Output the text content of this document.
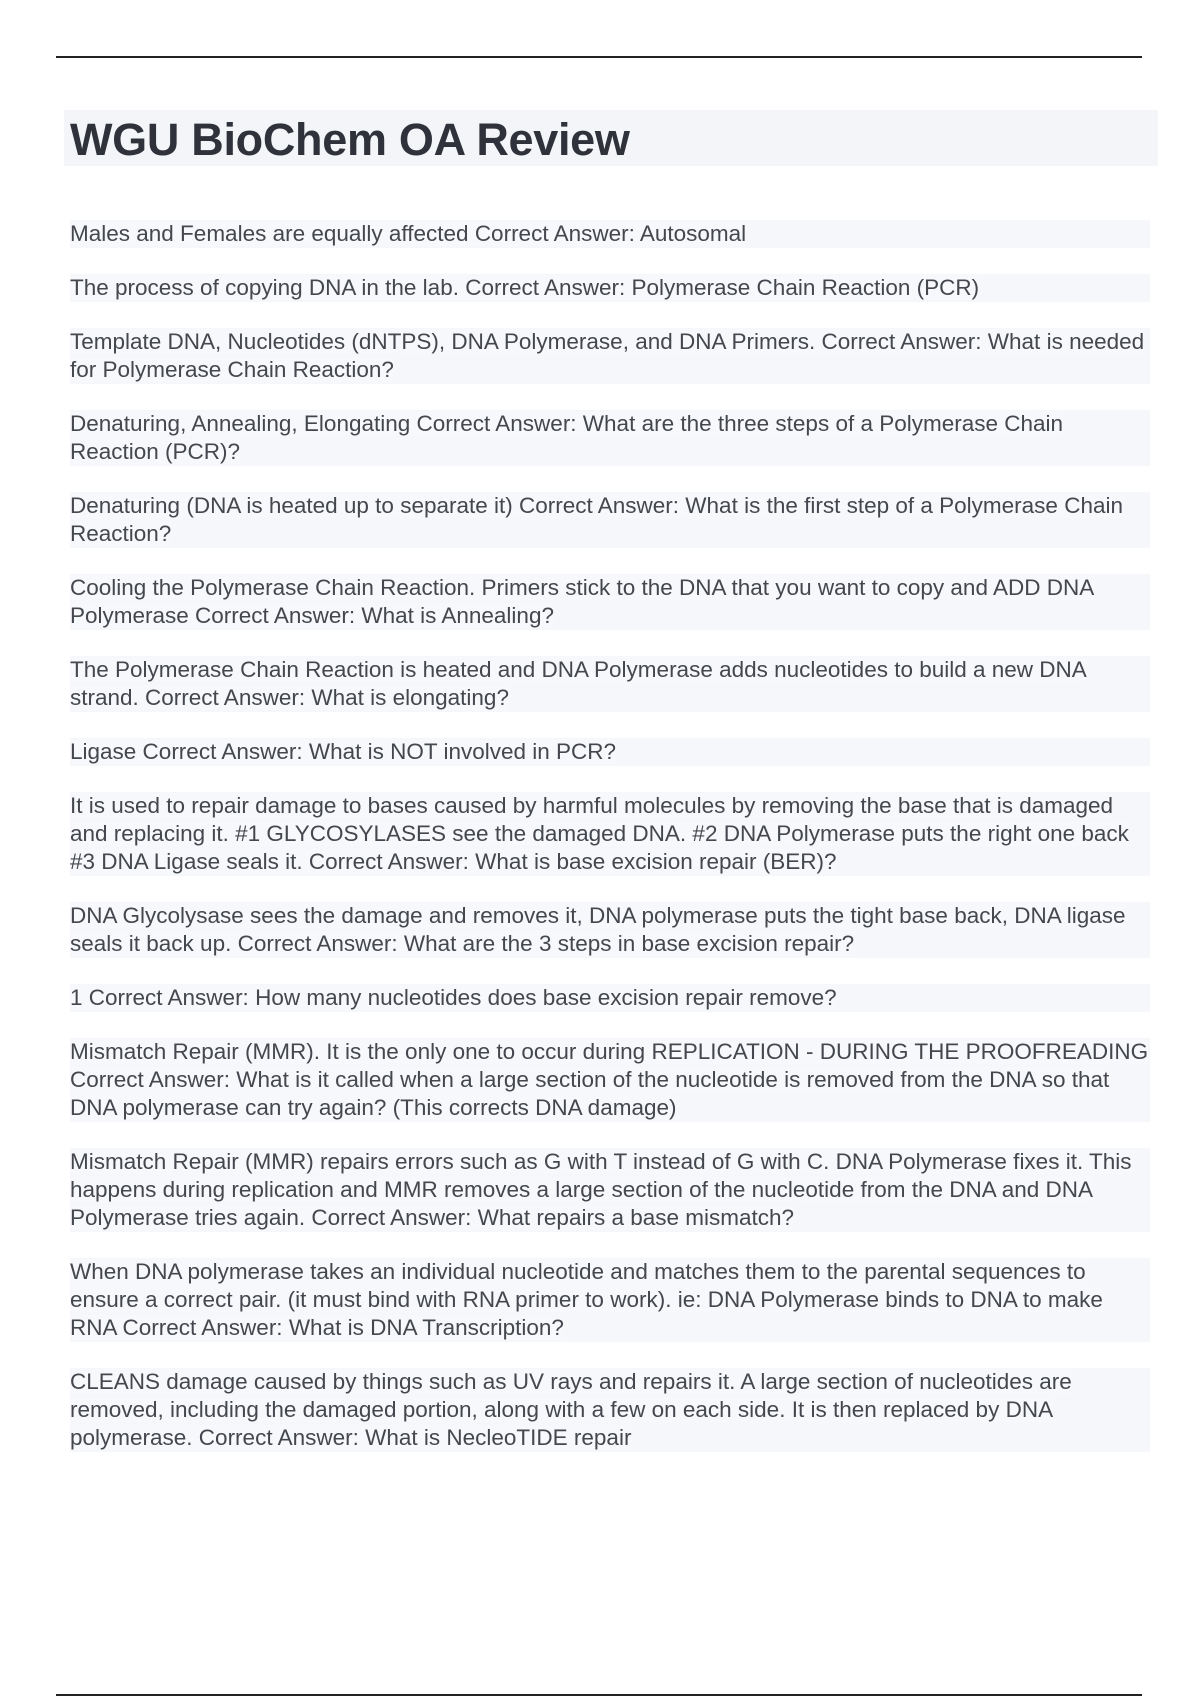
WGU BioChem OA Review

Males and Females are equally affected Correct Answer: Autosomal

The process of copying DNA in the lab. Correct Answer: Polymerase Chain Reaction (PCR)

Template DNA, Nucleotides (dNTPS), DNA Polymerase, and DNA Primers. Correct Answer: What is needed for Polymerase Chain Reaction?

Denaturing, Annealing, Elongating Correct Answer: What are the three steps of a Polymerase Chain Reaction (PCR)?

Denaturing (DNA is heated up to separate it) Correct Answer: What is the first step of a Polymerase Chain Reaction?

Cooling the Polymerase Chain Reaction. Primers stick to the DNA that you want to copy and ADD DNA Polymerase Correct Answer: What is Annealing?

The Polymerase Chain Reaction is heated and DNA Polymerase adds nucleotides to build a new DNA strand. Correct Answer: What is elongating?

Ligase Correct Answer: What is NOT involved in PCR?

It is used to repair damage to bases caused by harmful molecules by removing the base that is damaged and replacing it. #1 GLYCOSYLASES see the damaged DNA. #2 DNA Polymerase puts the right one back #3 DNA Ligase seals it. Correct Answer: What is base excision repair (BER)?

DNA Glycolysase sees the damage and removes it, DNA polymerase puts the tight base back, DNA ligase seals it back up. Correct Answer: What are the 3 steps in base excision repair?

1 Correct Answer: How many nucleotides does base excision repair remove?

Mismatch Repair (MMR). It is the only one to occur during REPLICATION - DURING THE PROOFREADING Correct Answer: What is it called when a large section of the nucleotide is removed from the DNA so that DNA polymerase can try again? (This corrects DNA damage)

Mismatch Repair (MMR) repairs errors such as G with T instead of G with C. DNA Polymerase fixes it. This happens during replication and MMR removes a large section of the nucleotide from the DNA and DNA Polymerase tries again. Correct Answer: What repairs a base mismatch?

When DNA polymerase takes an individual nucleotide and matches them to the parental sequences to ensure a correct pair. (it must bind with RNA primer to work). ie: DNA Polymerase binds to DNA to make RNA Correct Answer: What is DNA Transcription?

CLEANS damage caused by things such as UV rays and repairs it. A large section of nucleotides are removed, including the damaged portion, along with a few on each side. It is then replaced by DNA polymerase. Correct Answer: What is NecleoTIDE repair
